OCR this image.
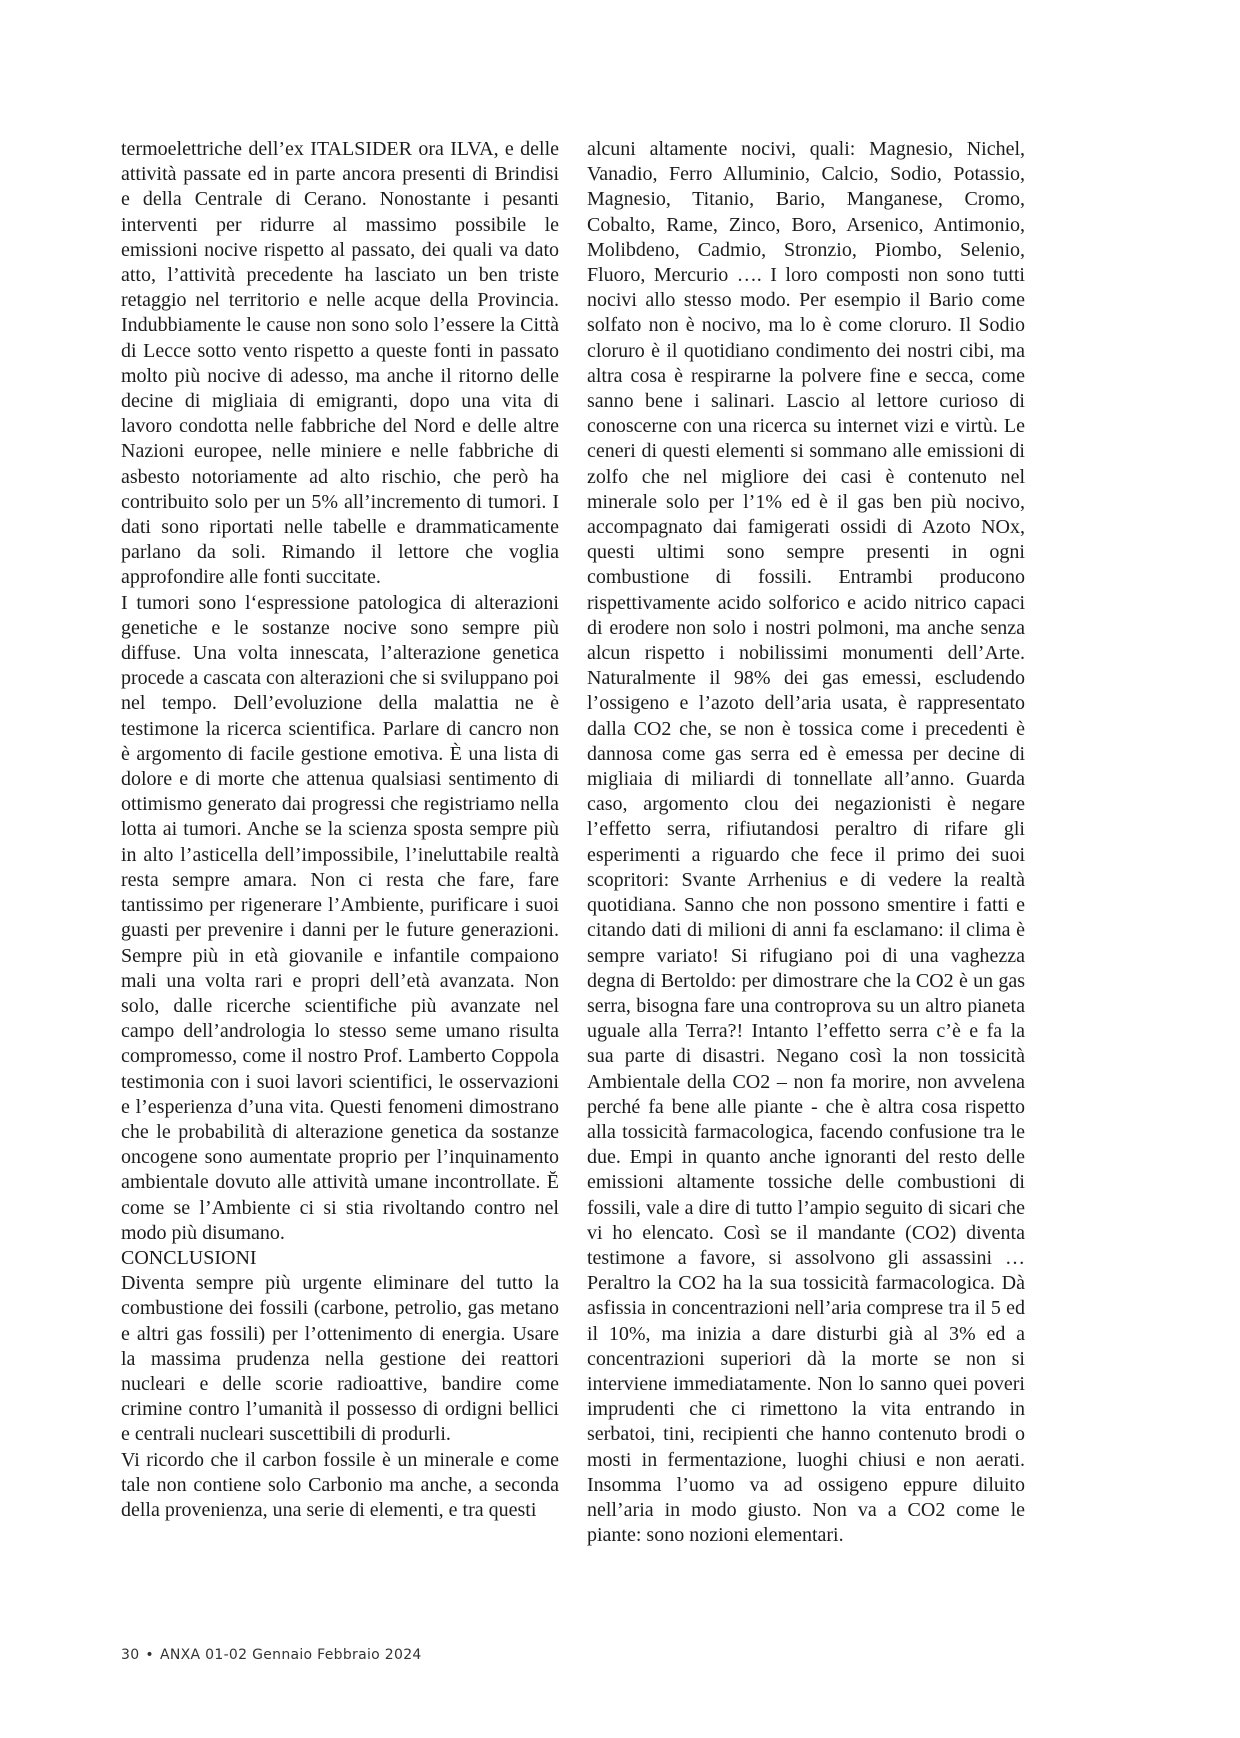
termoelettriche dell’ex ITALSIDER ora ILVA, e delle attività passate ed in parte ancora presenti di Brindisi e della Centrale di Cerano. Nonostante i pesanti interventi per ridurre al massimo possibile le emissioni nocive rispetto al passato, dei quali va dato atto, l’attività precedente ha lasciato un ben triste retaggio nel territorio e nelle acque della Provincia. Indubbiamente le cause non sono solo l’essere la Città di Lecce sotto vento rispetto a queste fonti in passato molto più nocive di adesso, ma anche il ritorno delle decine di migliaia di emigranti, dopo una vita di lavoro condotta nelle fabbriche del Nord e delle altre Nazioni europee, nelle miniere e nelle fabbriche di asbesto notoriamente ad alto rischio, che però ha contribuito solo per un 5% all’incremento di tumori. I dati sono riportati nelle tabelle e drammaticamente parlano da soli. Rimando il lettore che voglia approfondire alle fonti succitate.

I tumori sono l‘espressione patologica di alterazioni genetiche e le sostanze nocive sono sempre più diffuse. Una volta innescata, l’alterazione genetica procede a cascata con alterazioni che si sviluppano poi nel tempo. Dell’evoluzione della malattia ne è testimone la ricerca scientifica. Parlare di cancro non è argomento di facile gestione emotiva. È una lista di dolore e di morte che attenua qualsiasi sentimento di ottimismo generato dai progressi che registriamo nella lotta ai tumori. Anche se la scienza sposta sempre più in alto l’asticella dell’impossibile, l’ineluttabile realtà resta sempre amara. Non ci resta che fare, fare tantissimo per rigenerare l’Ambiente, purificare i suoi guasti per prevenire i danni per le future generazioni. Sempre più in età giovanile e infantile compaiono mali una volta rari e propri dell’età avanzata. Non solo, dalle ricerche scientifiche più avanzate nel campo dell’andrologia lo stesso seme umano risulta compromesso, come il nostro Prof. Lamberto Coppola testimonia con i suoi lavori scientifici, le osservazioni e l’esperienza d’una vita. Questi fenomeni dimostrano che le probabilità di alterazione genetica da sostanze oncogene sono aumentate proprio per l’inquinamento ambientale dovuto alle attività umane incontrollate. Ĕ come se l’Ambiente ci si stia rivoltando contro nel modo più disumano.

CONCLUSIONI

Diventa sempre più urgente eliminare del tutto la combustione dei fossili (carbone, petrolio, gas metano e altri gas fossili) per l’ottenimento di energia. Usare la massima prudenza nella gestione dei reattori nucleari e delle scorie radioattive, bandire come crimine contro l’umanità il possesso di ordigni bellici e centrali nucleari suscettibili di produrli.

Vi ricordo che il carbon fossile è un minerale e come tale non contiene solo Carbonio ma anche, a seconda della provenienza, una serie di elementi, e tra questi

alcuni altamente nocivi, quali: Magnesio, Nichel, Vanadio, Ferro Alluminio, Calcio, Sodio, Potassio, Magnesio, Titanio, Bario, Manganese, Cromo, Cobalto, Rame, Zinco, Boro, Arsenico, Antimonio, Molibdeno, Cadmio, Stronzio, Piombo, Selenio, Fluoro, Mercurio …. I loro composti non sono tutti nocivi allo stesso modo. Per esempio il Bario come solfato non è nocivo, ma lo è come cloruro. Il Sodio cloruro è il quotidiano condimento dei nostri cibi, ma altra cosa è respirarne la polvere fine e secca, come sanno bene i salinari. Lascio al lettore curioso di conoscerne con una ricerca su internet vizi e virtù. Le ceneri di questi elementi si sommano alle emissioni di zolfo che nel migliore dei casi è contenuto nel minerale solo per l’1% ed è il gas ben più nocivo, accompagnato dai famigerati ossidi di Azoto NOx, questi ultimi sono sempre presenti in ogni combustione di fossili. Entrambi producono rispettivamente acido solforico e acido nitrico capaci di erodere non solo i nostri polmoni, ma anche senza alcun rispetto i nobilissimi monumenti dell’Arte. Naturalmente il 98% dei gas emessi, escludendo l’ossigeno e l’azoto dell’aria usata, è rappresentato dalla CO2 che, se non è tossica come i precedenti è dannosa come gas serra ed è emessa per decine di migliaia di miliardi di tonnellate all’anno. Guarda caso, argomento clou dei negazionisti è negare l’effetto serra, rifiutandosi peraltro di rifare gli esperimenti a riguardo che fece il primo dei suoi scopritori: Svante Arrhenius e di vedere la realtà quotidiana. Sanno che non possono smentire i fatti e citando dati di milioni di anni fa esclamano: il clima è sempre variato! Si rifugiano poi di una vaghezza degna di Bertoldo: per dimostrare che la CO2 è un gas serra, bisogna fare una controprova su un altro pianeta uguale alla Terra?! Intanto l’effetto serra c’è e fa la sua parte di disastri. Negano così la non tossicità Ambientale della CO2 – non fa morire, non avvelena perché fa bene alle piante - che è altra cosa rispetto alla tossicità farmacologica, facendo confusione tra le due. Empi in quanto anche ignoranti del resto delle emissioni altamente tossiche delle combustioni di fossili, vale a dire di tutto l’ampio seguito di sicari che vi ho elencato. Così se il mandante (CO2) diventa testimone a favore, si assolvono gli assassini … Peraltro la CO2 ha la sua tossicità farmacologica. Dà asfissia in concentrazioni nell’aria comprese tra il 5 ed il 10%, ma inizia a dare disturbi già al 3% ed a concentrazioni superiori dà la morte se non si interviene immediatamente. Non lo sanno quei poveri imprudenti che ci rimettono la vita entrando in serbatoi, tini, recipienti che hanno contenuto brodi o mosti in fermentazione, luoghi chiusi e non aerati. Insomma l’uomo va ad ossigeno eppure diluito nell’aria in modo giusto. Non va a CO2 come le piante: sono nozioni elementari.

30 • ANXA 01-02 Gennaio Febbraio 2024
